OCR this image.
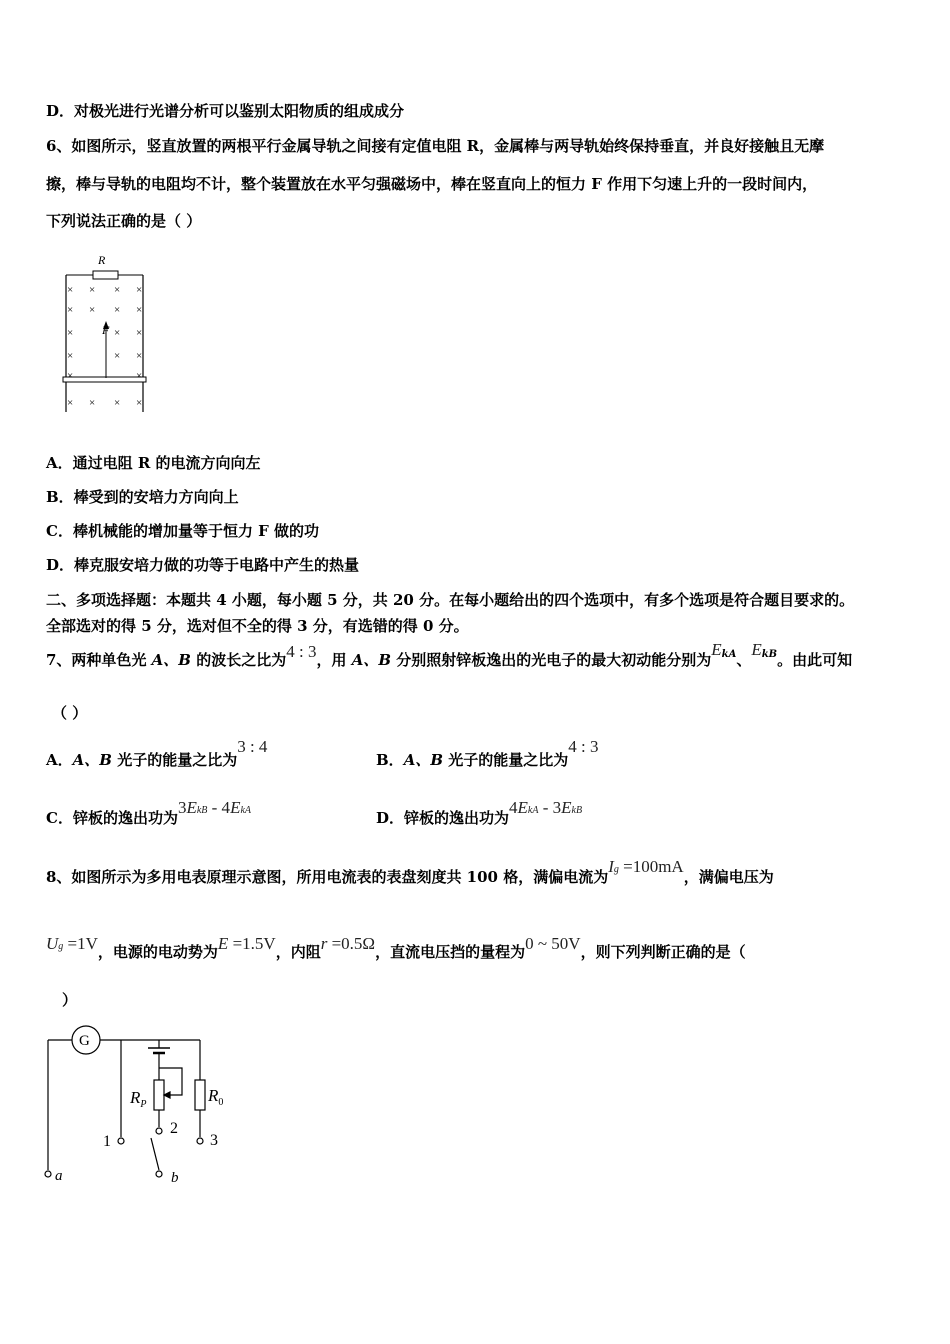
D．对极光进行光谱分析可以鉴别太阳物质的组成成分
6、如图所示，竖直放置的两根平行金属导轨之间接有定值电阻 R，金属棒与两导轨始终保持垂直，并良好接触且无摩
擦，棒与导轨的电阻均不计，整个装置放在水平匀强磁场中，棒在竖直向上的恒力 F 作用下匀速上升的一段时间内，
下列说法正确的是（ ）
R
F
× × × ×
× × × ×
×	× ×
×	× ×
×	×
× × × ×
A．通过电阻 R 的电流方向向左
B．棒受到的安培力方向向上
C．棒机械能的增加量等于恒力 F 做的功
D．棒克服安培力做的功等于电路中产生的热量
二、多项选择题：本题共 4 小题，每小题 5 分，共 20 分。在每小题给出的四个选项中，有多个选项是符合题目要求的。
全部选对的得 5 分，选对但不全的得 3 分，有选错的得 0 分。
7、两种单色光 A、B 的波长之比为4 : 3，用 A、B 分别照射锌板逸出的光电子的最大初动能分别为$E^{kA}$、$E^{kB}$。由此可知
（ ）
A．A、B 光子的能量之比为3 : 4
B．A、B 光子的能量之比为4 : 3
C．锌板的逸出功为3EkB - 4EkA	D．锌板的逸出功为4EkA - 3EkB
8、如图所示为多用电表原理示意图，所用电流表的表盘刻度共 100 格，满偏电流为Ig =100mA，满偏电压为
Ug =1V，电源的电动势为E =1.5V，内阻r =0.5Ω，直流电压挡的量程为0 ~ 50V，则下列判断正确的是（
）
G
$R_P$	$R_0$
1
2
3
a	b
